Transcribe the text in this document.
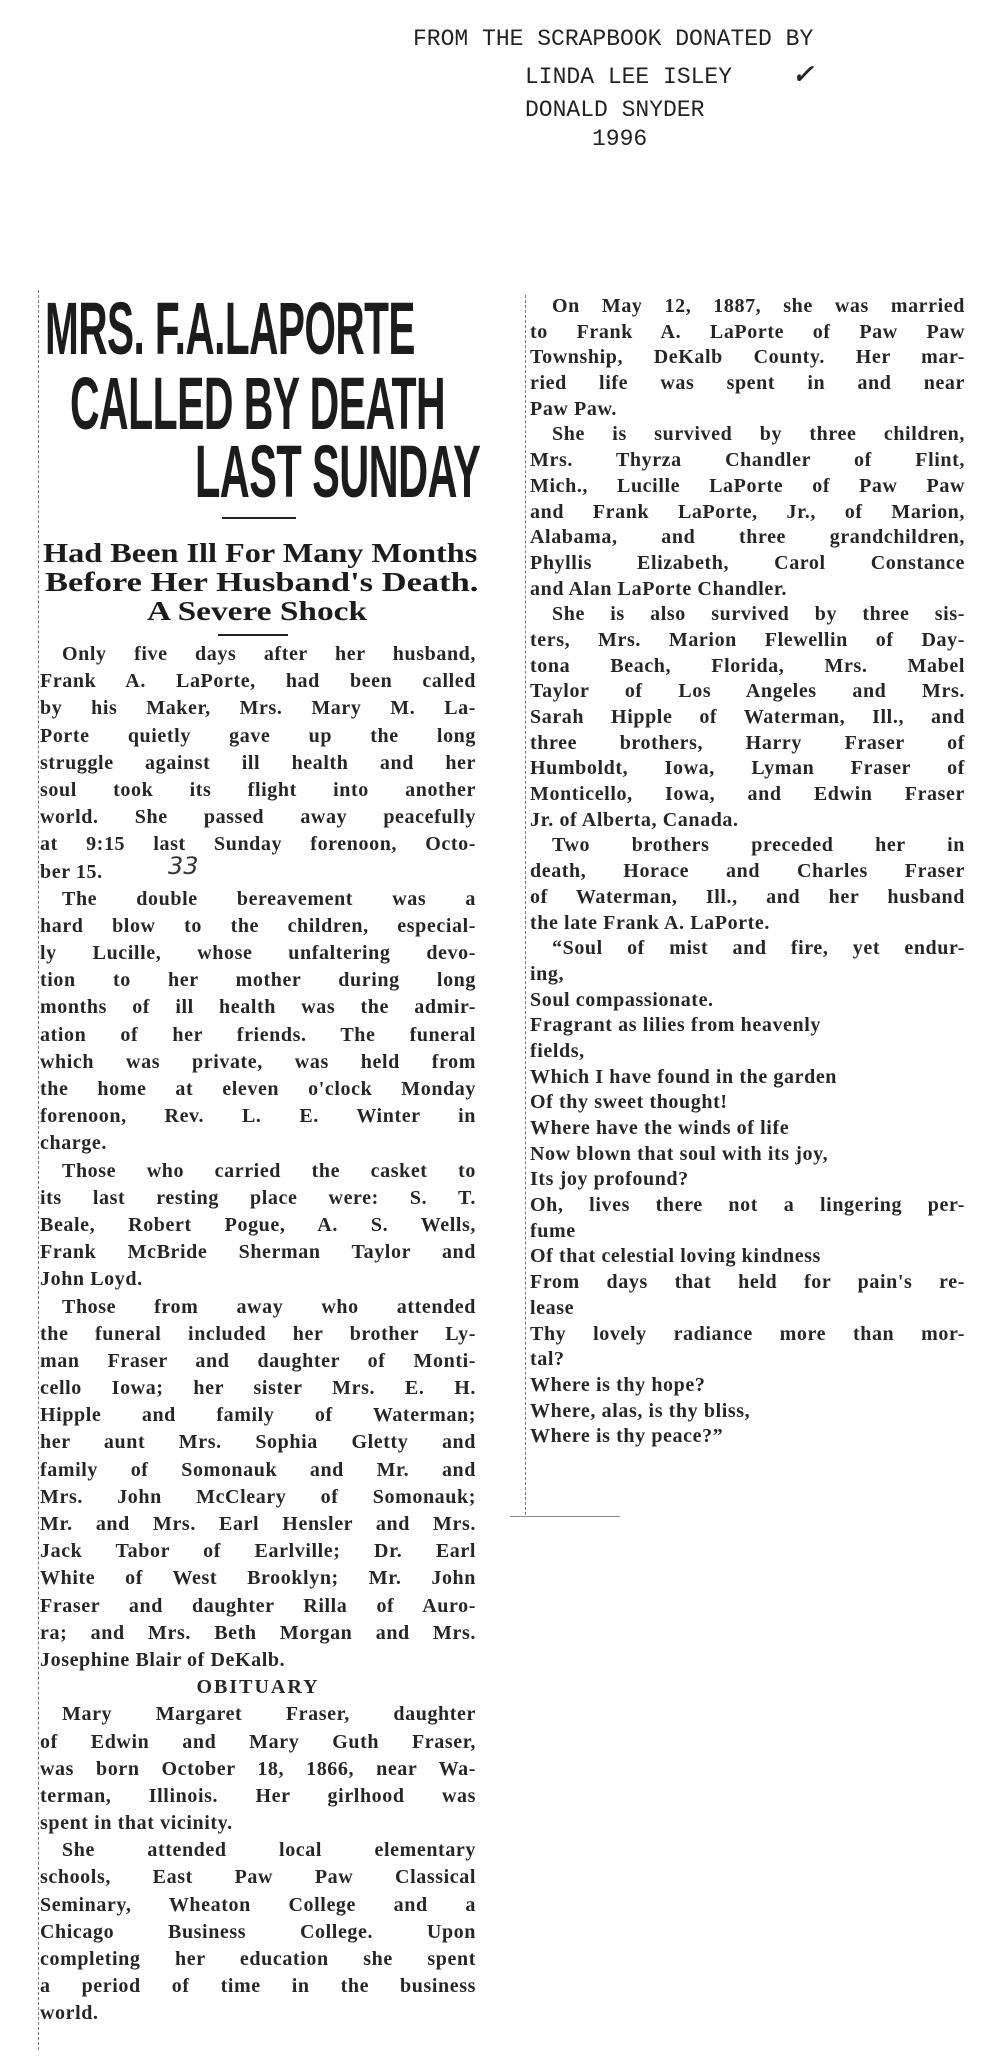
FROM THE SCRAPBOOK DONATED BY
LINDA LEE ISLEY ✓
DONALD SNYDER
1996
MRS. F.A.LAPORTE
CALLED BY DEATH
LAST SUNDAY
Had Been Ill For Many Months
Before Her Husband's Death.
A Severe Shock
33
Only five days after her husband,
Frank A. LaPorte, had been called
by his Maker, Mrs. Mary M. La-
Porte quietly gave up the long
struggle against ill health and her
soul took its flight into another
world. She passed away peacefully
at 9:15 last Sunday forenoon, Octo-
ber 15.
The double bereavement was a
hard blow to the children, especial-
ly Lucille, whose unfaltering devo-
tion to her mother during long
months of ill health was the admir-
ation of her friends. The funeral
which was private, was held from
the home at eleven o'clock Monday
forenoon, Rev. L. E. Winter in
charge.
Those who carried the casket to
its last resting place were: S. T.
Beale, Robert Pogue, A. S. Wells,
Frank McBride Sherman Taylor and
John Loyd.
Those from away who attended
the funeral included her brother Ly-
man Fraser and daughter of Monti-
cello Iowa; her sister Mrs. E. H.
Hipple and family of Waterman;
her aunt Mrs. Sophia Gletty and
family of Somonauk and Mr. and
Mrs. John McCleary of Somonauk;
Mr. and Mrs. Earl Hensler and Mrs.
Jack Tabor of Earlville; Dr. Earl
White of West Brooklyn; Mr. John
Fraser and daughter Rilla of Auro-
ra; and Mrs. Beth Morgan and Mrs.
Josephine Blair of DeKalb.
OBITUARY
Mary Margaret Fraser, daughter
of Edwin and Mary Guth Fraser,
was born October 18, 1866, near Wa-
terman, Illinois. Her girlhood was
spent in that vicinity.
She attended local elementary
schools, East Paw Paw Classical
Seminary, Wheaton College and a
Chicago Business College. Upon
completing her education she spent
a period of time in the business
world.
On May 12, 1887, she was married
to Frank A. LaPorte of Paw Paw
Township, DeKalb County. Her mar-
ried life was spent in and near
Paw Paw.
She is survived by three children,
Mrs. Thyrza Chandler of Flint,
Mich., Lucille LaPorte of Paw Paw
and Frank LaPorte, Jr., of Marion,
Alabama, and three grandchildren,
Phyllis Elizabeth, Carol Constance
and Alan LaPorte Chandler.
She is also survived by three sis-
ters, Mrs. Marion Flewellin of Day-
tona Beach, Florida, Mrs. Mabel
Taylor of Los Angeles and Mrs.
Sarah Hipple of Waterman, Ill., and
three brothers, Harry Fraser of
Humboldt, Iowa, Lyman Fraser of
Monticello, Iowa, and Edwin Fraser
Jr. of Alberta, Canada.
Two brothers preceded her in
death, Horace and Charles Fraser
of Waterman, Ill., and her husband
the late Frank A. LaPorte.
“Soul of mist and fire, yet endur-
ing,
Soul compassionate.
Fragrant as lilies from heavenly
fields,
Which I have found in the garden
Of thy sweet thought!
Where have the winds of life
Now blown that soul with its joy,
Its joy profound?
Oh, lives there not a lingering per-
fume
Of that celestial loving kindness
From days that held for pain's re-
lease
Thy lovely radiance more than mor-
tal?
Where is thy hope?
Where, alas, is thy bliss,
Where is thy peace?”
